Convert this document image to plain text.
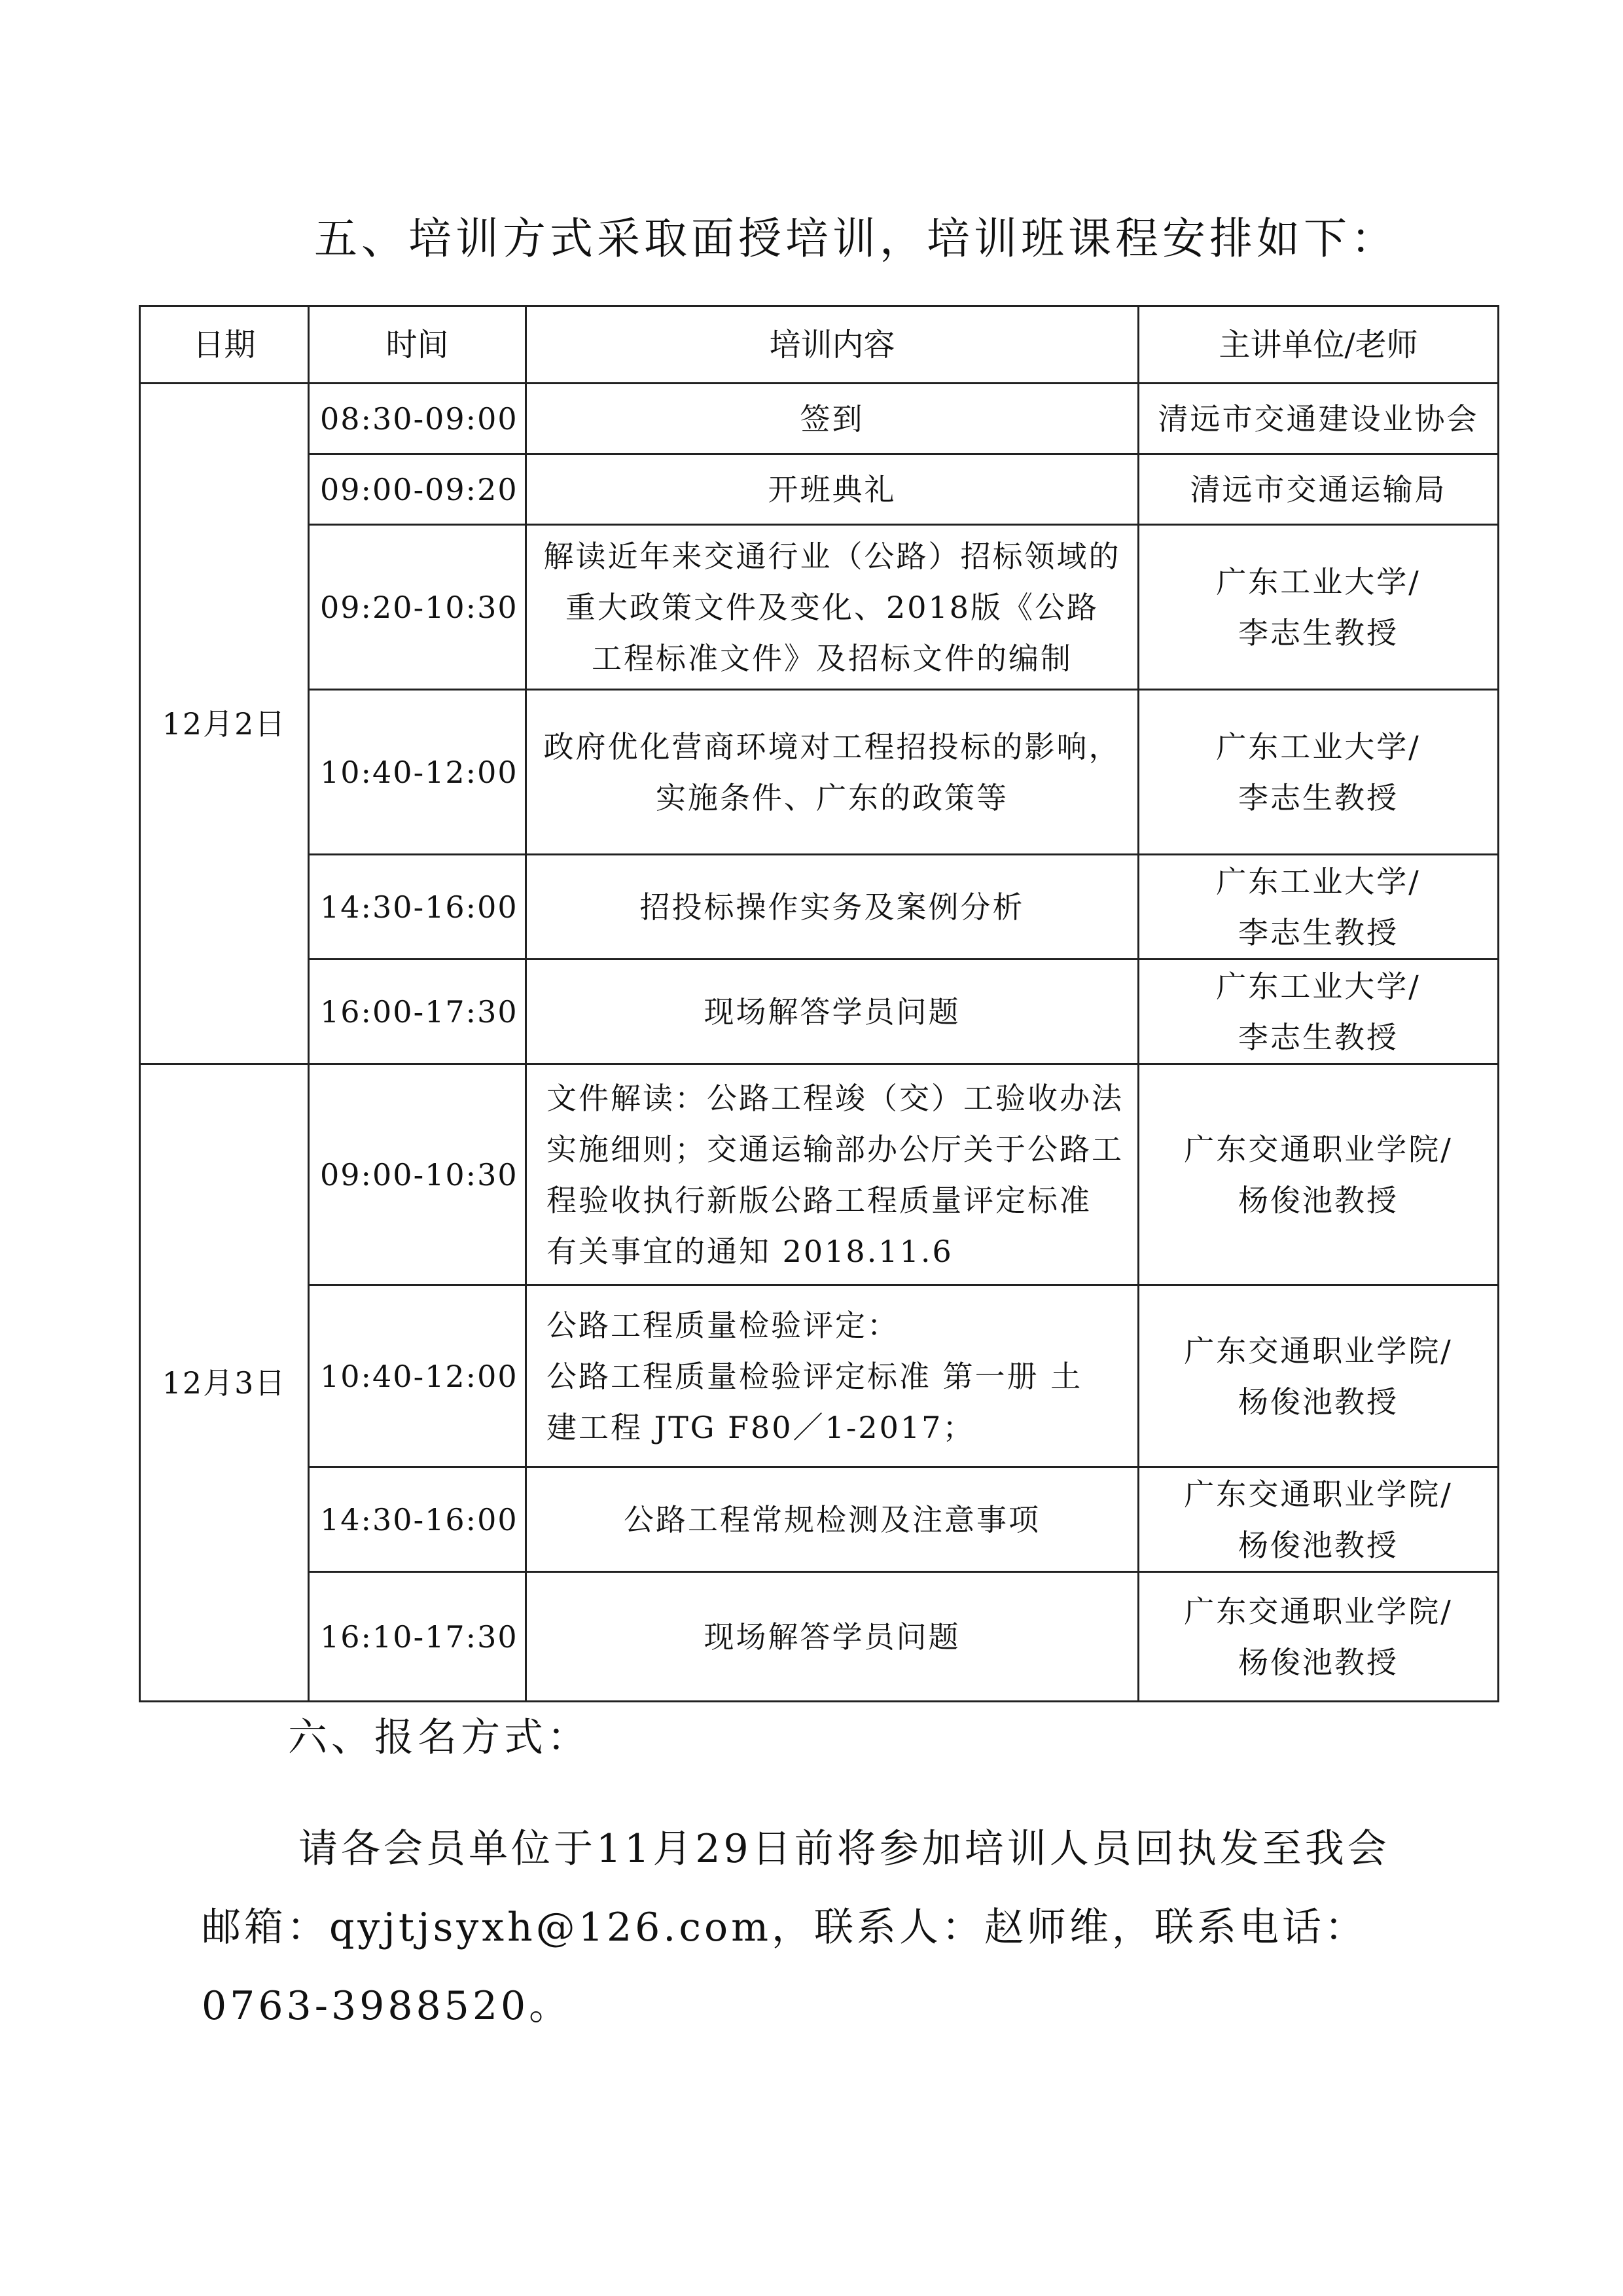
五、培训方式采取面授培训，培训班课程安排如下：
日期	时间	培训内容	主讲单位/老师
12月2日	08:30-09:00	签到	清远市交通建设业协会

	09:00-09:20	开班典礼	清远市交通运输局

	09:20-10:30	解读近年来交通行业（公路）招标领域的
重大政策文件及变化、2018版《公路
工程标准文件》及招标文件的编制	广东工业大学/
李志生教授

	10:40-12:00	政府优化营商环境对工程招投标的影响，
实施条件、广东的政策等	广东工业大学/
李志生教授

	14:30-16:00	招投标操作实务及案例分析	广东工业大学/
李志生教授

	16:00-17:30	现场解答学员问题	广东工业大学/
李志生教授

12月3日	09:00-10:30	文件解读：公路工程竣（交）工验收办法
实施细则；交通运输部办公厅关于公路工
程验收执行新版公路工程质量评定标准
有关事宜的通知 2018.11.6	广东交通职业学院/
杨俊池教授

	10:40-12:00	公路工程质量检验评定：
公路工程质量检验评定标准 第一册 土
建工程 JTG F80／1-2017；	广东交通职业学院/
杨俊池教授

	14:30-16:00	公路工程常规检测及注意事项	广东交通职业学院/
杨俊池教授

	16:10-17:30	现场解答学员问题	广东交通职业学院/
杨俊池教授
六、报名方式：
请各会员单位于11月29日前将参加培训人员回执发至我会
邮箱：qyjtjsyxh@126.com，联系人：赵师维，联系电话：
0763-3988520。
